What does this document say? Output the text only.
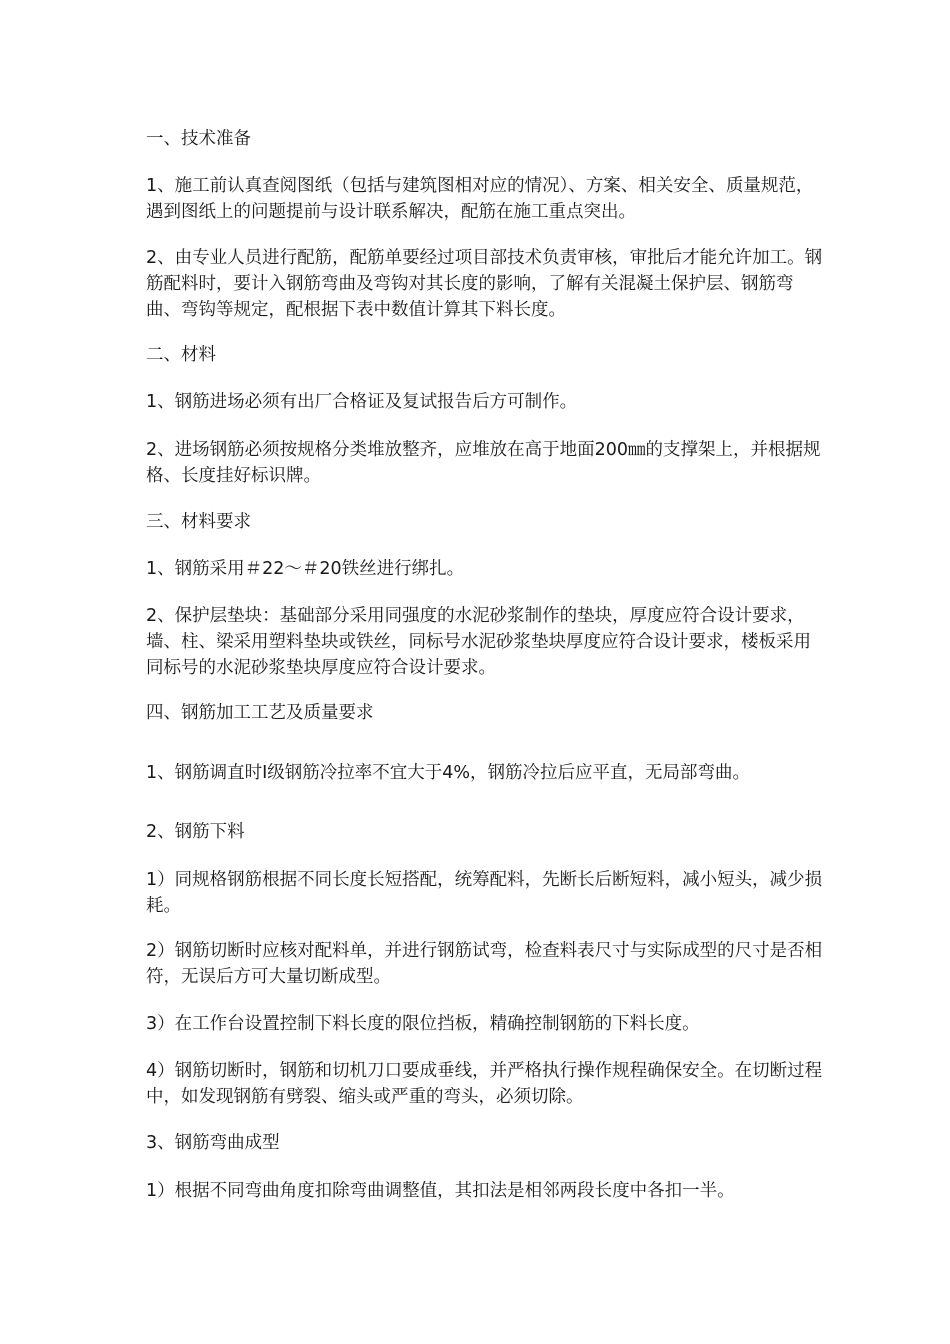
一、技术准备

1、施工前认真查阅图纸（包括与建筑图相对应的情况）、方案、相关安全、质量规范，遇到图纸上的问题提前与设计联系解决，配筋在施工重点突出。

2、由专业人员进行配筋，配筋单要经过项目部技术负责审核，审批后才能允许加工。钢筋配料时，要计入钢筋弯曲及弯钩对其长度的影响，了解有关混凝土保护层、钢筋弯曲、弯钩等规定，配根据下表中数值计算其下料长度。

二、材料

1、钢筋进场必须有出厂合格证及复试报告后方可制作。

2、进场钢筋必须按规格分类堆放整齐，应堆放在高于地面200㎜的支撑架上，并根据规格、长度挂好标识牌。

三、材料要求

1、钢筋采用＃22～＃20铁丝进行绑扎。

2、保护层垫块：基础部分采用同强度的水泥砂浆制作的垫块，厚度应符合设计要求，墙、柱、梁采用塑料垫块或铁丝，同标号水泥砂浆垫块厚度应符合设计要求，楼板采用同标号的水泥砂浆垫块厚度应符合设计要求。

四、钢筋加工工艺及质量要求

1、钢筋调直时Ⅰ级钢筋冷拉率不宜大于4%，钢筋冷拉后应平直，无局部弯曲。

2、钢筋下料

1）同规格钢筋根据不同长度长短搭配，统筹配料，先断长后断短料，减小短头，减少损耗。

2）钢筋切断时应核对配料单，并进行钢筋试弯，检查料表尺寸与实际成型的尺寸是否相符，无误后方可大量切断成型。

3）在工作台设置控制下料长度的限位挡板，精确控制钢筋的下料长度。

4）钢筋切断时，钢筋和切机刀口要成垂线，并严格执行操作规程确保安全。在切断过程中，如发现钢筋有劈裂、缩头或严重的弯头，必须切除。

3、钢筋弯曲成型

1）根据不同弯曲角度扣除弯曲调整值，其扣法是相邻两段长度中各扣一半。
